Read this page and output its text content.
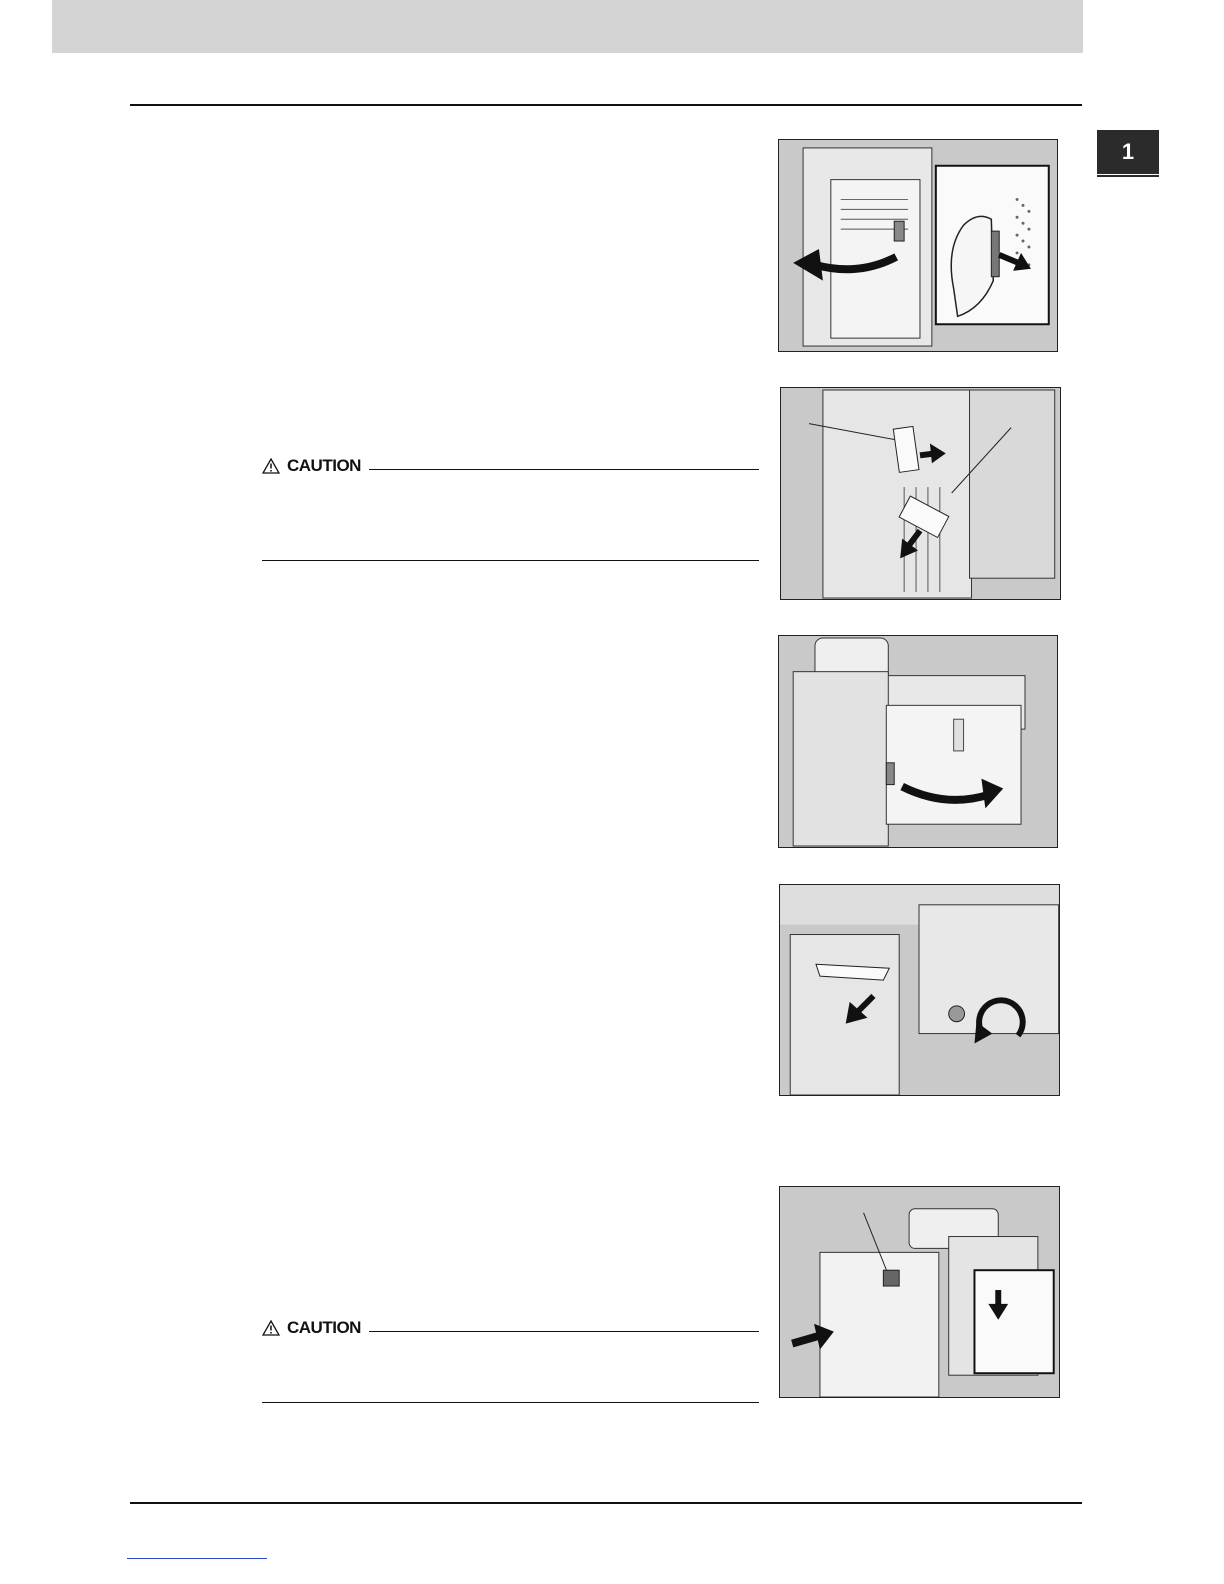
1
CAUTION
CAUTION
